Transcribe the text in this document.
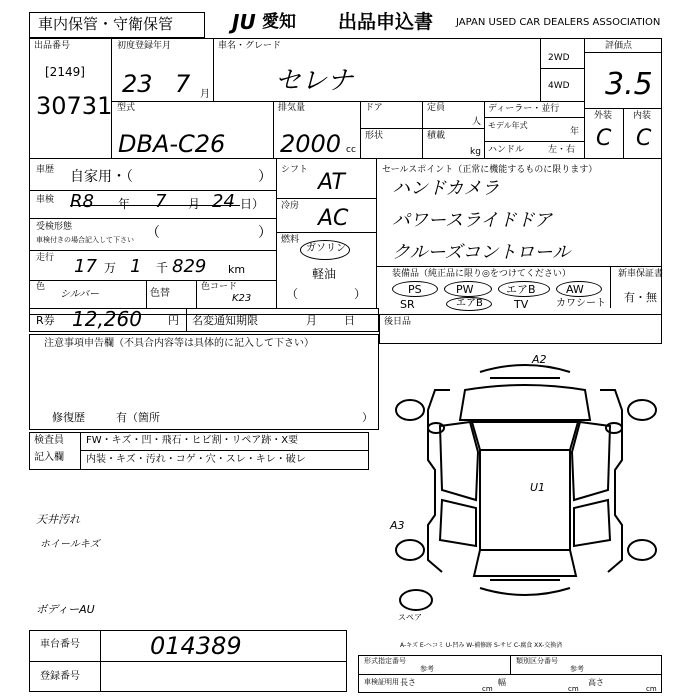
車内保管・守衛保管	JU 愛知 出品申込書 JAPAN USED CAR DEALERS ASSOCIATION
出品番号
[2149]
30731
初度登録年月
23 7 月
車名・グレード
セレナ
2WD
4WD
評価点
3.5
外装 内装
C C
型式
DBA-C26
排気量
2000 cc
ドア
形状
定員
人
積載
kg
ディーラー・並行
モデル年式
年
ハンドル	左・右
車歴 自家用・（	）
車検 R8 年 7 月 24 日）
受検形態
車検付きの場合記入して下さい （	）
走行 17 万 1 千 829 km
色
シルバー	色替
色コード
K23
シフト AT
冷房 AC
燃料
ガソリン
軽油
（	）
セールスポイント（正常に機能するものに限ります）
ハンドカメラ
パワースライドドア
クルーズコントロール
装備品（純正品に限り◎をつけてください）	新車保証書
有・無
PS	PW	エアB	AW
SR	エアB	TV	カワシート
R券 12,260 円 名変通知期限	月 日	後日品
注意事項申告欄（不具合内容等は具体的に記入して下さい）
修復歴	有（箇所	）
検査員
記入欄
FW・キズ・凹・飛石・ヒビ割・リペア跡・X要
内装・キズ・汚れ・コゲ・穴・スレ・キレ・破レ
天井汚れ
ホイールキズ
ボディーAU
A2
U1
A3
スペア
車台番号	014389
登録番号
A-キズ E-ヘコミ U-凹み W-補修跡 S-サビ C-腐食 XX-交換済
形式指定番号
参考
類別区分番号
参考
車検証明用 長さ
cm
幅
cm
高さ
cm
